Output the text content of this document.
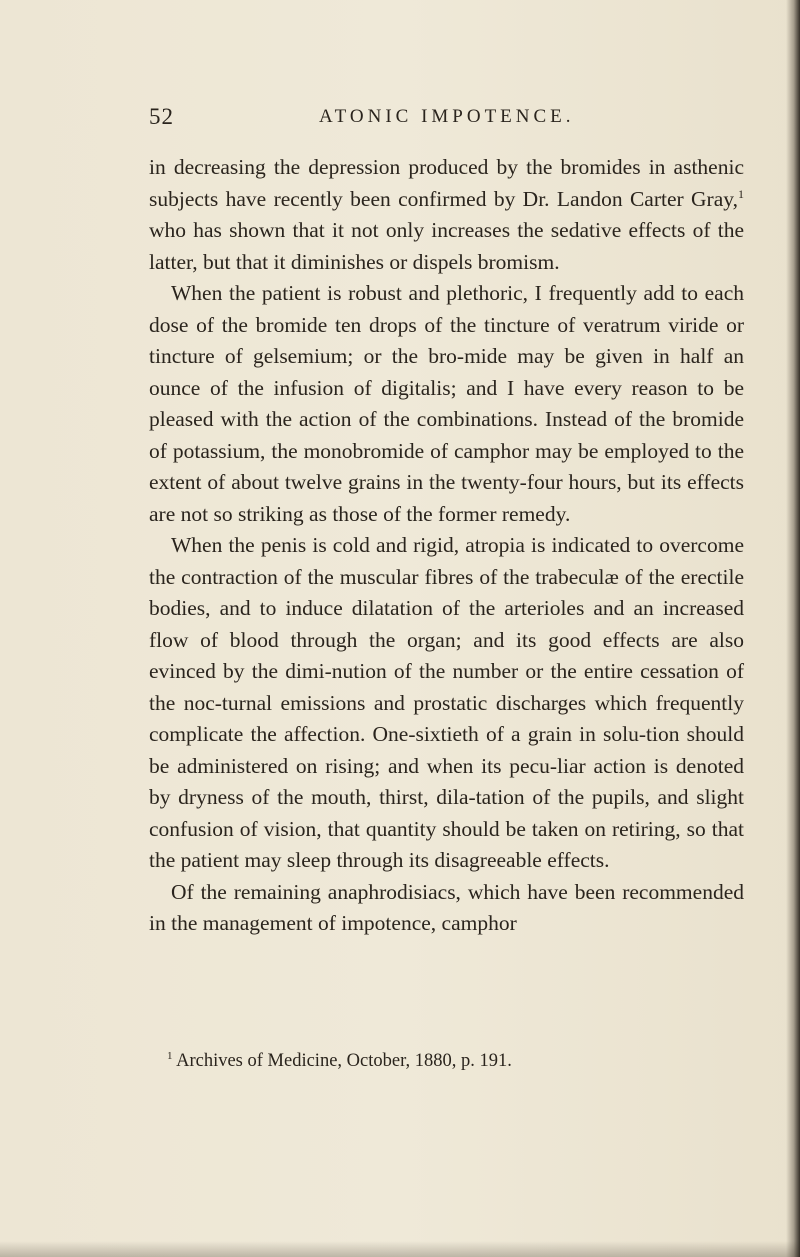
52	ATONIC IMPOTENCE.

in decreasing the depression produced by the bromides in asthenic subjects have recently been confirmed by Dr. Landon Carter Gray,$^1$ who has shown that it not only increases the sedative effects of the latter, but that it diminishes or dispels bromism.

When the patient is robust and plethoric, I frequently add to each dose of the bromide ten drops of the tincture of veratrum viride or tincture of gelsemium; or the bro-mide may be given in half an ounce of the infusion of digitalis; and I have every reason to be pleased with the action of the combinations. Instead of the bromide of potassium, the monobromide of camphor may be employed to the extent of about twelve grains in the twenty-four hours, but its effects are not so striking as those of the former remedy.

When the penis is cold and rigid, atropia is indicated to overcome the contraction of the muscular fibres of the trabeculæ of the erectile bodies, and to induce dilatation of the arterioles and an increased flow of blood through the organ; and its good effects are also evinced by the dimi-nution of the number or the entire cessation of the noc-turnal emissions and prostatic discharges which frequently complicate the affection. One-sixtieth of a grain in solu-tion should be administered on rising; and when its pecu-liar action is denoted by dryness of the mouth, thirst, dila-tation of the pupils, and slight confusion of vision, that quantity should be taken on retiring, so that the patient may sleep through its disagreeable effects.

Of the remaining anaphrodisiacs, which have been recommended in the management of impotence, camphor

$^1$ Archives of Medicine, October, 1880, p. 191.
